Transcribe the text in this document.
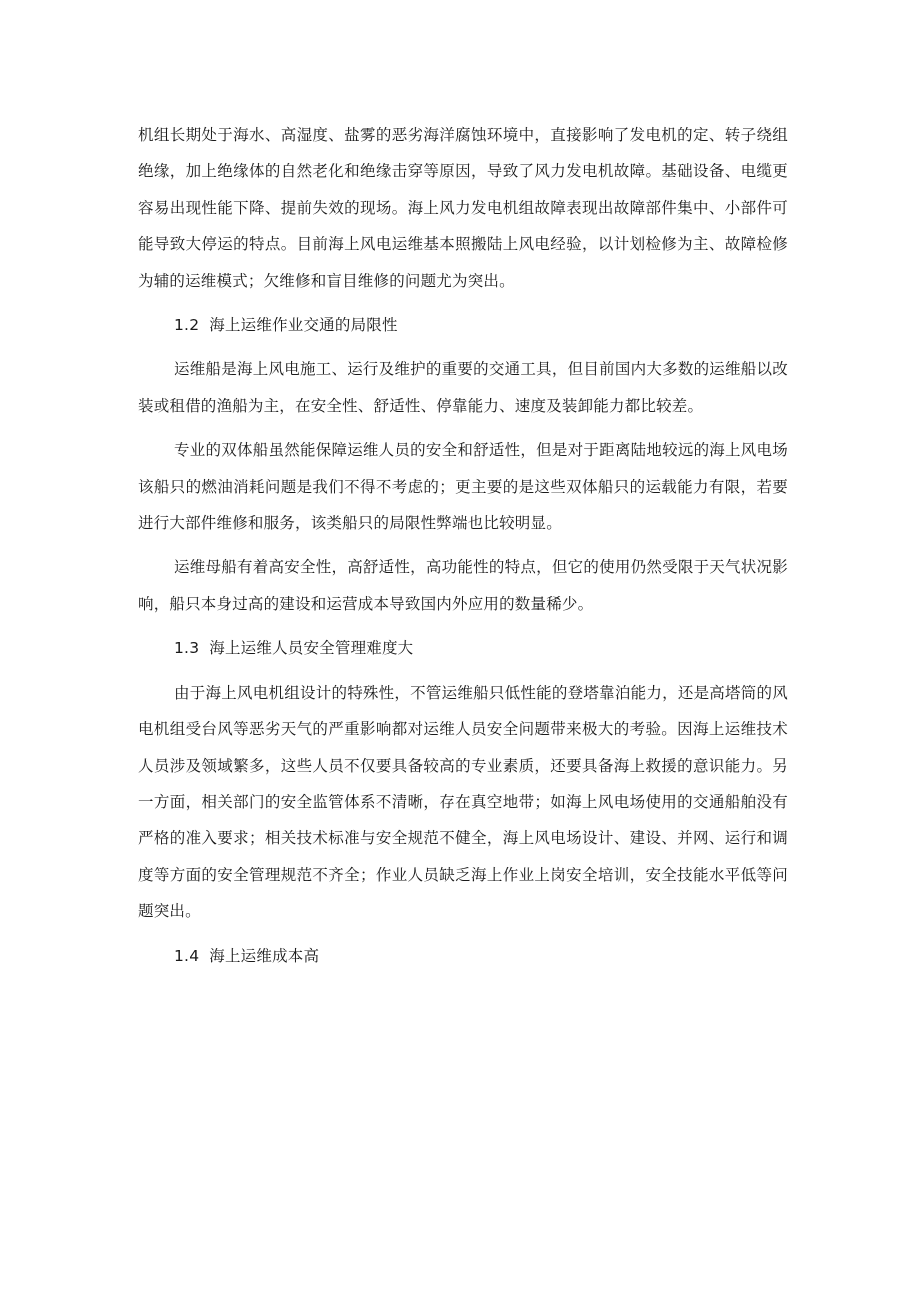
机组长期处于海水、高湿度、盐雾的恶劣海洋腐蚀环境中，直接影响了发电机的定、转子绕组绝缘，加上绝缘体的自然老化和绝缘击穿等原因，导致了风力发电机故障。基础设备、电缆更容易出现性能下降、提前失效的现场。海上风力发电机组故障表现出故障部件集中、小部件可能导致大停运的特点。目前海上风电运维基本照搬陆上风电经验，以计划检修为主、故障检修为辅的运维模式；欠维修和盲目维修的问题尤为突出。

1.2 海上运维作业交通的局限性

运维船是海上风电施工、运行及维护的重要的交通工具，但目前国内大多数的运维船以改装或租借的渔船为主，在安全性、舒适性、停靠能力、速度及装卸能力都比较差。

专业的双体船虽然能保障运维人员的安全和舒适性，但是对于距离陆地较远的海上风电场该船只的燃油消耗问题是我们不得不考虑的；更主要的是这些双体船只的运载能力有限，若要进行大部件维修和服务，该类船只的局限性弊端也比较明显。

运维母船有着高安全性，高舒适性，高功能性的特点，但它的使用仍然受限于天气状况影响，船只本身过高的建设和运营成本导致国内外应用的数量稀少。

1.3 海上运维人员安全管理难度大

由于海上风电机组设计的特殊性，不管运维船只低性能的登塔靠泊能力，还是高塔筒的风电机组受台风等恶劣天气的严重影响都对运维人员安全问题带来极大的考验。因海上运维技术人员涉及领域繁多，这些人员不仅要具备较高的专业素质，还要具备海上救援的意识能力。另一方面，相关部门的安全监管体系不清晰，存在真空地带；如海上风电场使用的交通船舶没有严格的准入要求；相关技术标准与安全规范不健全，海上风电场设计、建设、并网、运行和调度等方面的安全管理规范不齐全；作业人员缺乏海上作业上岗安全培训，安全技能水平低等问题突出。

1.4 海上运维成本高
